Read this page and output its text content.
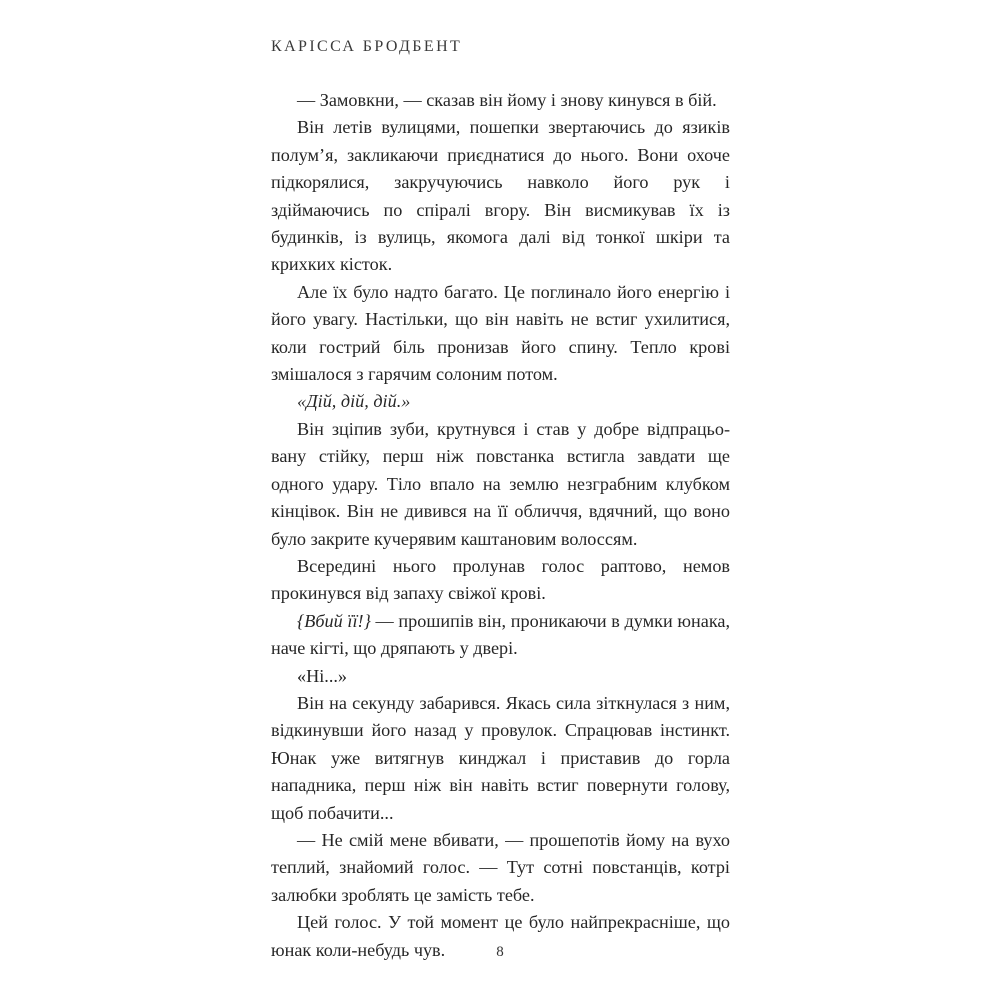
КАРІССА БРОДБЕНТ

— Замовкни, — сказав він йому і знову кинувся в бій.

Він летів вулицями, пошепки звертаючись до язиків полум’я, закликаючи приєднатися до нього. Вони охоче підкорялися, закручуючись навколо його рук і здіймаючись по спіралі вгору. Він висмикував їх із будинків, із вулиць, якомога далі від тонкої шкіри та крихких кісток.

Але їх було надто багато. Це поглинало його енергію і його увагу. Настільки, що він навіть не встиг ухилитися, коли гострий біль пронизав його спину. Тепло крові змішалося з гарячим солоним потом.

«Дій, дій, дій.»

Він зціпив зуби, крутнувся і став у добре відпрацьовану стійку, перш ніж повстанка встигла завдати ще одного удару. Тіло впало на землю незграбним клубком кінцівок. Він не дивився на її обличчя, вдячний, що воно було закрите кучерявим каштановим волоссям.

Всередині нього пролунав голос раптово, немов прокинувся від запаху свіжої крові.

{Вбий її!} — прошипів він, проникаючи в думки юнака, наче кігті, що дряпають у двері.

«Ні...»

Він на секунду забарився. Якась сила зіткнулася з ним, відкинувши його назад у провулок. Спрацював інстинкт. Юнак уже витягнув кинджал і приставив до горла нападника, перш ніж він навіть встиг повернути голову, щоб побачити...

— Не смій мене вбивати, — прошепотів йому на вухо теплий, знайомий голос. — Тут сотні повстанців, котрі залюбки зроблять це замість тебе.

Цей голос. У той момент це було найпрекрасніше, що юнак коли-небудь чув.	8
